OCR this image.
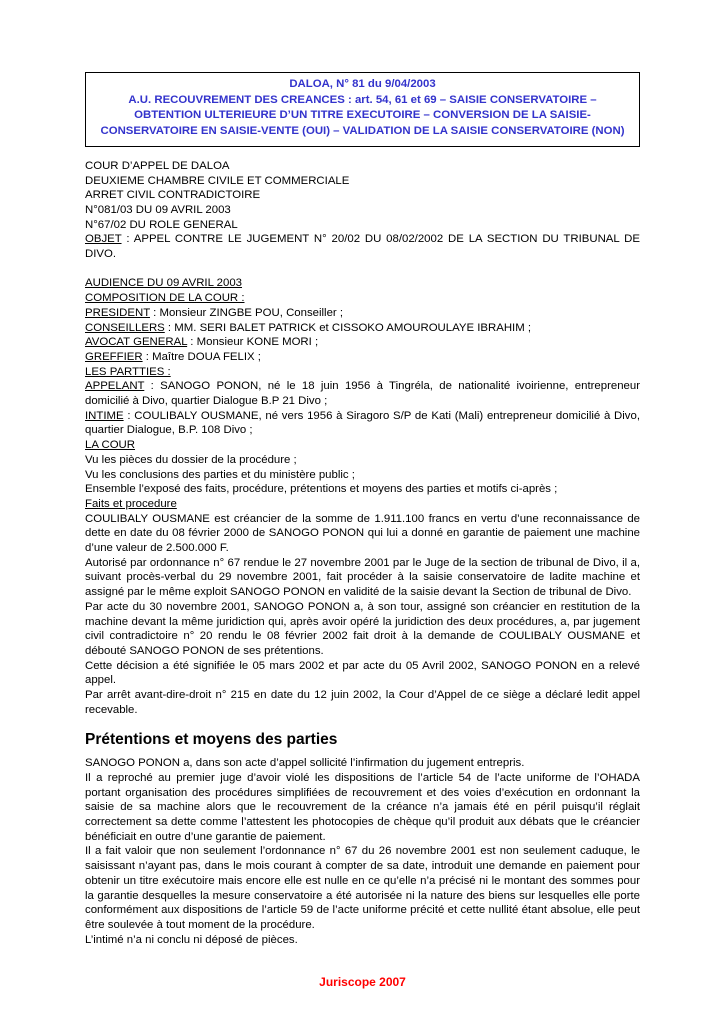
DALOA, N° 81 du 9/04/2003
A.U. RECOUVREMENT DES CREANCES : art. 54, 61 et 69 – SAISIE CONSERVATOIRE – OBTENTION ULTERIEURE D’UN TITRE EXECUTOIRE – CONVERSION DE LA SAISIE-CONSERVATOIRE EN SAISIE-VENTE (OUI) – VALIDATION DE LA SAISIE CONSERVATOIRE (NON)

COUR D’APPEL DE DALOA

DEUXIEME CHAMBRE CIVILE ET COMMERCIALE

ARRET CIVIL CONTRADICTOIRE

N°081/03 DU 09 AVRIL 2003

N°67/02 DU ROLE GENERAL

OBJET : APPEL CONTRE LE JUGEMENT N° 20/02 DU 08/02/2002 DE LA SECTION DU TRIBUNAL DE DIVO.

AUDIENCE DU 09 AVRIL 2003

COMPOSITION DE LA COUR :

PRESIDENT : Monsieur ZINGBE POU, Conseiller ;

CONSEILLERS : MM. SERI BALET PATRICK et CISSOKO AMOUROULAYE IBRAHIM ;

AVOCAT GENERAL : Monsieur KONE MORI ;

GREFFIER : Maître DOUA FELIX ;

LES PARTTIES :

APPELANT : SANOGO PONON, né le 18 juin 1956 à Tingréla, de nationalité ivoirienne, entrepreneur domicilié à Divo, quartier Dialogue B.P 21 Divo ;

INTIME : COULIBALY OUSMANE, né vers 1956 à Siragoro S/P de Kati (Mali) entrepreneur domicilié à Divo, quartier Dialogue, B.P. 108 Divo ;

LA COUR

Vu les pièces du dossier de la procédure ;

Vu les conclusions des parties et du ministère public ;

Ensemble l’exposé des faits, procédure, prétentions et moyens des parties et motifs ci-après ;

Faits et procedure

COULIBALY OUSMANE est créancier de la somme de 1.911.100 francs en vertu d’une reconnaissance de dette en date du 08 février 2000 de SANOGO PONON qui lui a donné en garantie de paiement une machine d’une valeur de 2.500.000 F.

Autorisé par ordonnance n° 67 rendue le 27 novembre 2001 par le Juge de la section de tribunal de Divo, il a, suivant procès-verbal du 29 novembre 2001, fait procéder à la saisie conservatoire de ladite machine et assigné par le même exploit SANOGO PONON en validité de la saisie devant la Section de tribunal de Divo.

Par acte du 30 novembre 2001, SANOGO PONON a, à son tour, assigné son créancier en restitution de la machine devant la même juridiction qui, après avoir opéré la juridiction des deux procédures, a, par jugement civil contradictoire n° 20 rendu le 08 février 2002 fait droit à la demande de COULIBALY OUSMANE et débouté SANOGO PONON de ses prétentions.

Cette décision a été signifiée le 05 mars 2002 et par acte du 05 Avril 2002, SANOGO PONON en a relevé appel.

Par arrêt avant-dire-droit n° 215 en date du 12 juin 2002, la Cour d’Appel de ce siège a déclaré ledit appel recevable.

Prétentions et moyens des parties

SANOGO PONON a, dans son acte d’appel sollicité l’infirmation du jugement entrepris.

Il a reproché au premier juge d’avoir violé les dispositions de l’article 54 de l’acte uniforme de l’OHADA portant organisation des procédures simplifiées de recouvrement et des voies d’exécution en ordonnant la saisie de sa machine alors que le recouvrement de la créance n’a jamais été en péril puisqu’il réglait correctement sa dette comme l’attestent les photocopies de chèque qu’il produit aux débats que le créancier bénéficiait en outre d’une garantie de paiement.

Il a fait valoir que non seulement l’ordonnance n° 67 du 26 novembre 2001 est non seulement caduque, le saisissant n’ayant pas, dans le mois courant à compter de sa date, introduit une demande en paiement pour obtenir un titre exécutoire mais encore elle est nulle en ce qu’elle n’a précisé ni le montant des sommes pour la garantie desquelles la mesure conservatoire a été autorisée ni la nature des biens sur lesquelles elle porte conformément aux dispositions de l’article 59 de l’acte uniforme précité et cette nullité étant absolue, elle peut être soulevée à tout moment de la procédure.

L’intimé n’a ni conclu ni déposé de pièces.

Juriscope 2007
